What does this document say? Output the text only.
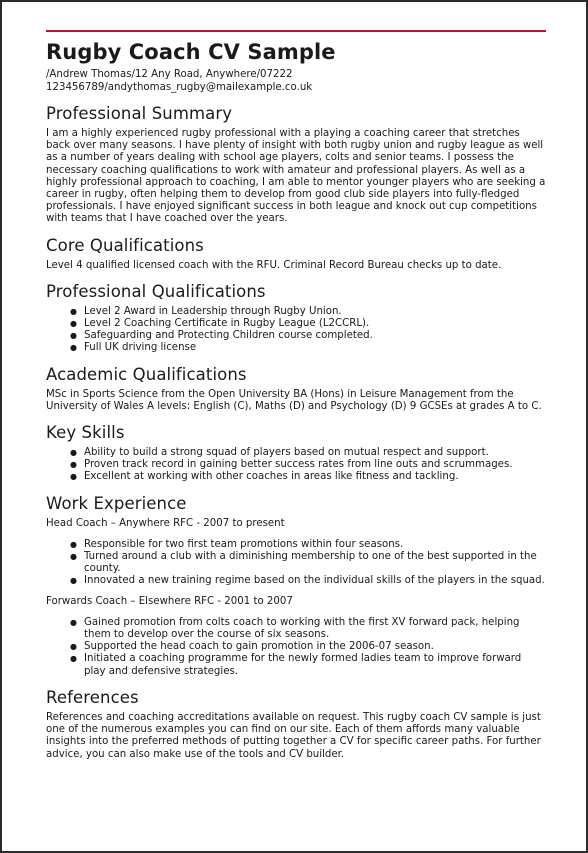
Rugby Coach CV Sample
/Andrew Thomas/12 Any Road, Anywhere/07222
123456789/andythomas_rugby@mailexample.co.uk
Professional Summary

I am a highly experienced rugby professional with a playing a coaching career that stretches back over many seasons. I have plenty of insight with both rugby union and rugby league as well as a number of years dealing with school age players, colts and senior teams. I possess the necessary coaching qualifications to work with amateur and professional players. As well as a highly professional approach to coaching, I am able to mentor younger players who are seeking a career in rugby, often helping them to develop from good club side players into fully-fledged professionals. I have enjoyed significant success in both league and knock out cup competitions with teams that I have coached over the years.

Core Qualifications

Level 4 qualified licensed coach with the RFU. Criminal Record Bureau checks up to date.

Professional Qualifications
● Level 2 Award in Leadership through Rugby Union.
● Level 2 Coaching Certificate in Rugby League (L2CCRL).
● Safeguarding and Protecting Children course completed.
● Full UK driving license
Academic Qualifications

MSc in Sports Science from the Open University BA (Hons) in Leisure Management from the University of Wales A levels: English (C), Maths (D) and Psychology (D) 9 GCSEs at grades A to C.

Key Skills
● Ability to build a strong squad of players based on mutual respect and support.
● Proven track record in gaining better success rates from line outs and scrummages.
● Excellent at working with other coaches in areas like fitness and tackling.
Work Experience
Head Coach – Anywhere RFC - 2007 to present
● Responsible for two first team promotions within four seasons.
● Turned around a club with a diminishing membership to one of the best supported in the county.
● Innovated a new training regime based on the individual skills of the players in the squad.
Forwards Coach – Elsewhere RFC - 2001 to 2007
● Gained promotion from colts coach to working with the first XV forward pack, helping them to develop over the course of six seasons.
● Supported the head coach to gain promotion in the 2006-07 season.
● Initiated a coaching programme for the newly formed ladies team to improve forward play and defensive strategies.
References

References and coaching accreditations available on request. This rugby coach CV sample is just one of the numerous examples you can find on our site. Each of them affords many valuable insights into the preferred methods of putting together a CV for specific career paths. For further advice, you can also make use of the tools and CV builder.
